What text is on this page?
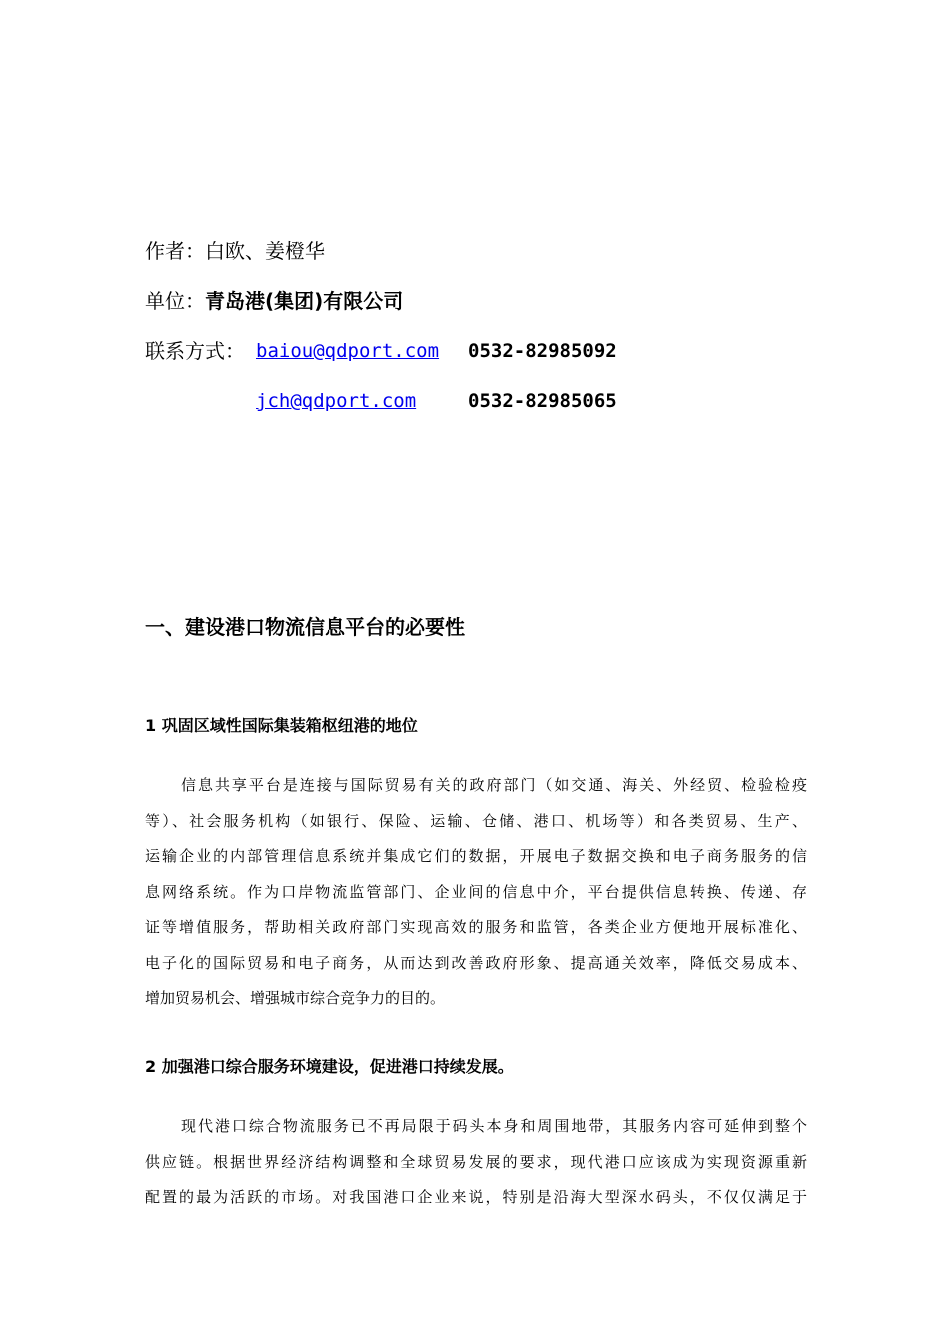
作者：白欧、姜橙华
单位：青岛港(集团)有限公司
联系方式： baiou@qdport.com 0532-82985092
jch@qdport.com	0532-82985065
一、建设港口物流信息平台的必要性
1 巩固区域性国际集装箱枢纽港的地位
信息共享平台是连接与国际贸易有关的政府部门（如交通、海关、外经贸、检验检疫
等）、社会服务机构（如银行、保险、运输、仓储、港口、机场等）和各类贸易、生产、
运输企业的内部管理信息系统并集成它们的数据，开展电子数据交换和电子商务服务的信
息网络系统。作为口岸物流监管部门、企业间的信息中介，平台提供信息转换、传递、存
证等增值服务，帮助相关政府部门实现高效的服务和监管，各类企业方便地开展标准化、
电子化的国际贸易和电子商务，从而达到改善政府形象、提高通关效率，降低交易成本、
增加贸易机会、增强城市综合竞争力的目的。
2 加强港口综合服务环境建设，促进港口持续发展。
现代港口综合物流服务已不再局限于码头本身和周围地带，其服务内容可延伸到整个
供应链。根据世界经济结构调整和全球贸易发展的要求，现代港口应该成为实现资源重新
配置的最为活跃的市场。对我国港口企业来说，特别是沿海大型深水码头，不仅仅满足于
